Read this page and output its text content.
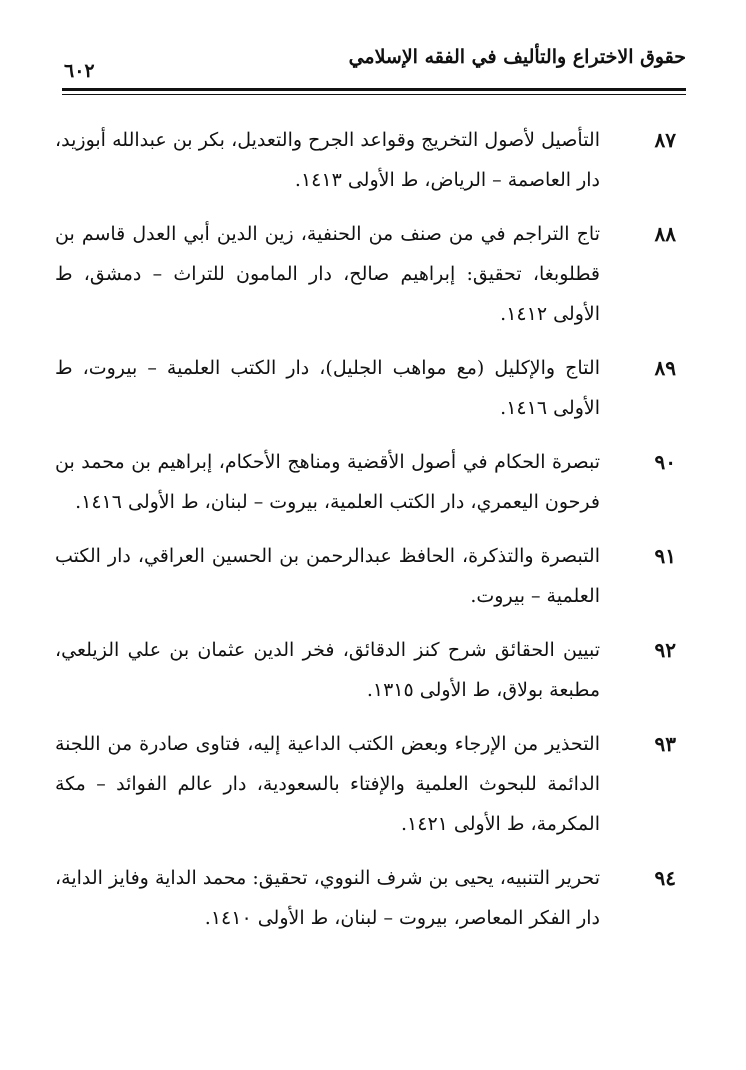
حقوق الاختراع والتأليف في الفقه الإسلامي
٦٠٢
٨٧
التأصيل لأصول التخريج وقواعد الجرح والتعديل، بكر بن عبدالله أبوزيد، دار العاصمة – الرياض، ط الأولى ١٤١٣.
٨٨
تاج التراجم في من صنف من الحنفية، زين الدين أبي العدل قاسم بن قطلوبغا، تحقيق: إبراهيم صالح، دار المامون للتراث – دمشق، ط الأولى ١٤١٢.
٨٩
التاج والإكليل (مع مواهب الجليل)، دار الكتب العلمية – بيروت، ط الأولى ١٤١٦.
٩٠
تبصرة الحكام في أصول الأقضية ومناهج الأحكام، إبراهيم بن محمد بن فرحون اليعمري، دار الكتب العلمية، بيروت – لبنان، ط الأولى ١٤١٦.
٩١
التبصرة والتذكرة، الحافظ عبدالرحمن بن الحسين العراقي، دار الكتب العلمية – بيروت.
٩٢
تبيين الحقائق شرح كنز الدقائق، فخر الدين عثمان بن علي الزيلعي، مطبعة بولاق، ط الأولى ١٣١٥.
٩٣
التحذير من الإرجاء وبعض الكتب الداعية إليه، فتاوى صادرة من اللجنة الدائمة للبحوث العلمية والإفتاء بالسعودية، دار عالم الفوائد – مكة المكرمة، ط الأولى ١٤٢١.
٩٤
تحرير التنبيه، يحيى بن شرف النووي، تحقيق: محمد الداية وفايز الداية، دار الفكر المعاصر، بيروت – لبنان، ط الأولى ١٤١٠.
